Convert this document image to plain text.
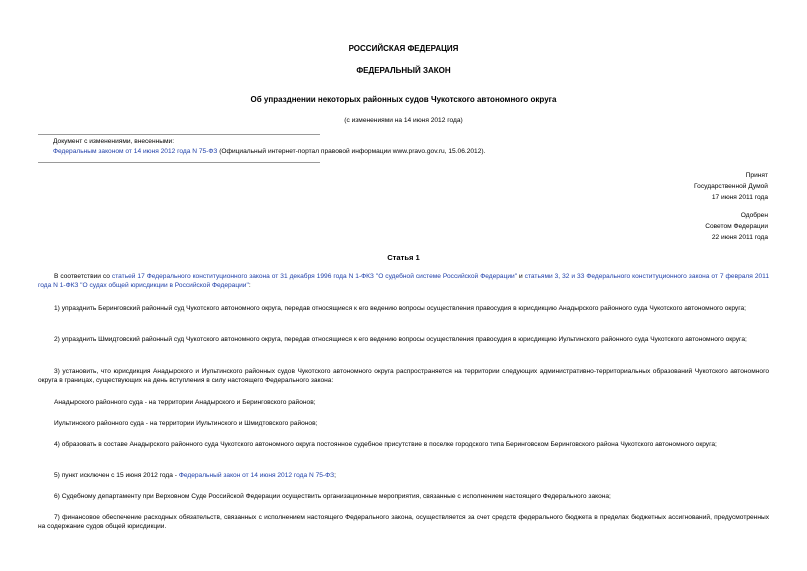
РОССИЙСКАЯ ФЕДЕРАЦИЯ
ФЕДЕРАЛЬНЫЙ ЗАКОН
Об упразднении некоторых районных судов Чукотского автономного округа
(с изменениями на 14 июня 2012 года)
Документ с изменениями, внесенными:
Федеральным законом от 14 июня 2012 года N 75-ФЗ (Официальный интернет-портал правовой информации www.pravo.gov.ru, 15.06.2012).
Принят
Государственной Думой
17 июня 2011 года
Одобрен
Советом Федерации
22 июня 2011 года
Статья 1
В соответствии со статьей 17 Федерального конституционного закона от 31 декабря 1996 года N 1-ФКЗ "О судебной системе Российской Федерации" и статьями 3, 32 и 33 Федерального конституционного закона от 7 февраля 2011 года N 1-ФКЗ "О судах общей юрисдикции в Российской Федерации":
1) упразднить Беринговский районный суд Чукотского автономного округа, передав относящиеся к его ведению вопросы осуществления правосудия в юрисдикцию Анадырского районного суда Чукотского автономного округа;
2) упразднить Шмидтовский районный суд Чукотского автономного округа, передав относящиеся к его ведению вопросы осуществления правосудия в юрисдикцию Иультинского районного суда Чукотского автономного округа;
3) установить, что юрисдикция Анадырского и Иультинского районных судов Чукотского автономного округа распространяется на территории следующих административно-территориальных образований Чукотского автономного округа в границах, существующих на день вступления в силу настоящего Федерального закона:
Анадырского районного суда - на территории Анадырского и Беринговского районов;
Иультинского районного суда - на территории Иультинского и Шмидтовского районов;
4) образовать в составе Анадырского районного суда Чукотского автономного округа постоянное судебное присутствие в поселке городского типа Беринговском Беринговского района Чукотского автономного округа;
5) пункт исключен с 15 июня 2012 года - Федеральный закон от 14 июня 2012 года N 75-ФЗ;
6) Судебному департаменту при Верховном Суде Российской Федерации осуществить организационные мероприятия, связанные с исполнением настоящего Федерального закона;
7) финансовое обеспечение расходных обязательств, связанных с исполнением настоящего Федерального закона, осуществляется за счет средств федерального бюджета в пределах бюджетных ассигнований, предусмотренных на содержание судов общей юрисдикции.
